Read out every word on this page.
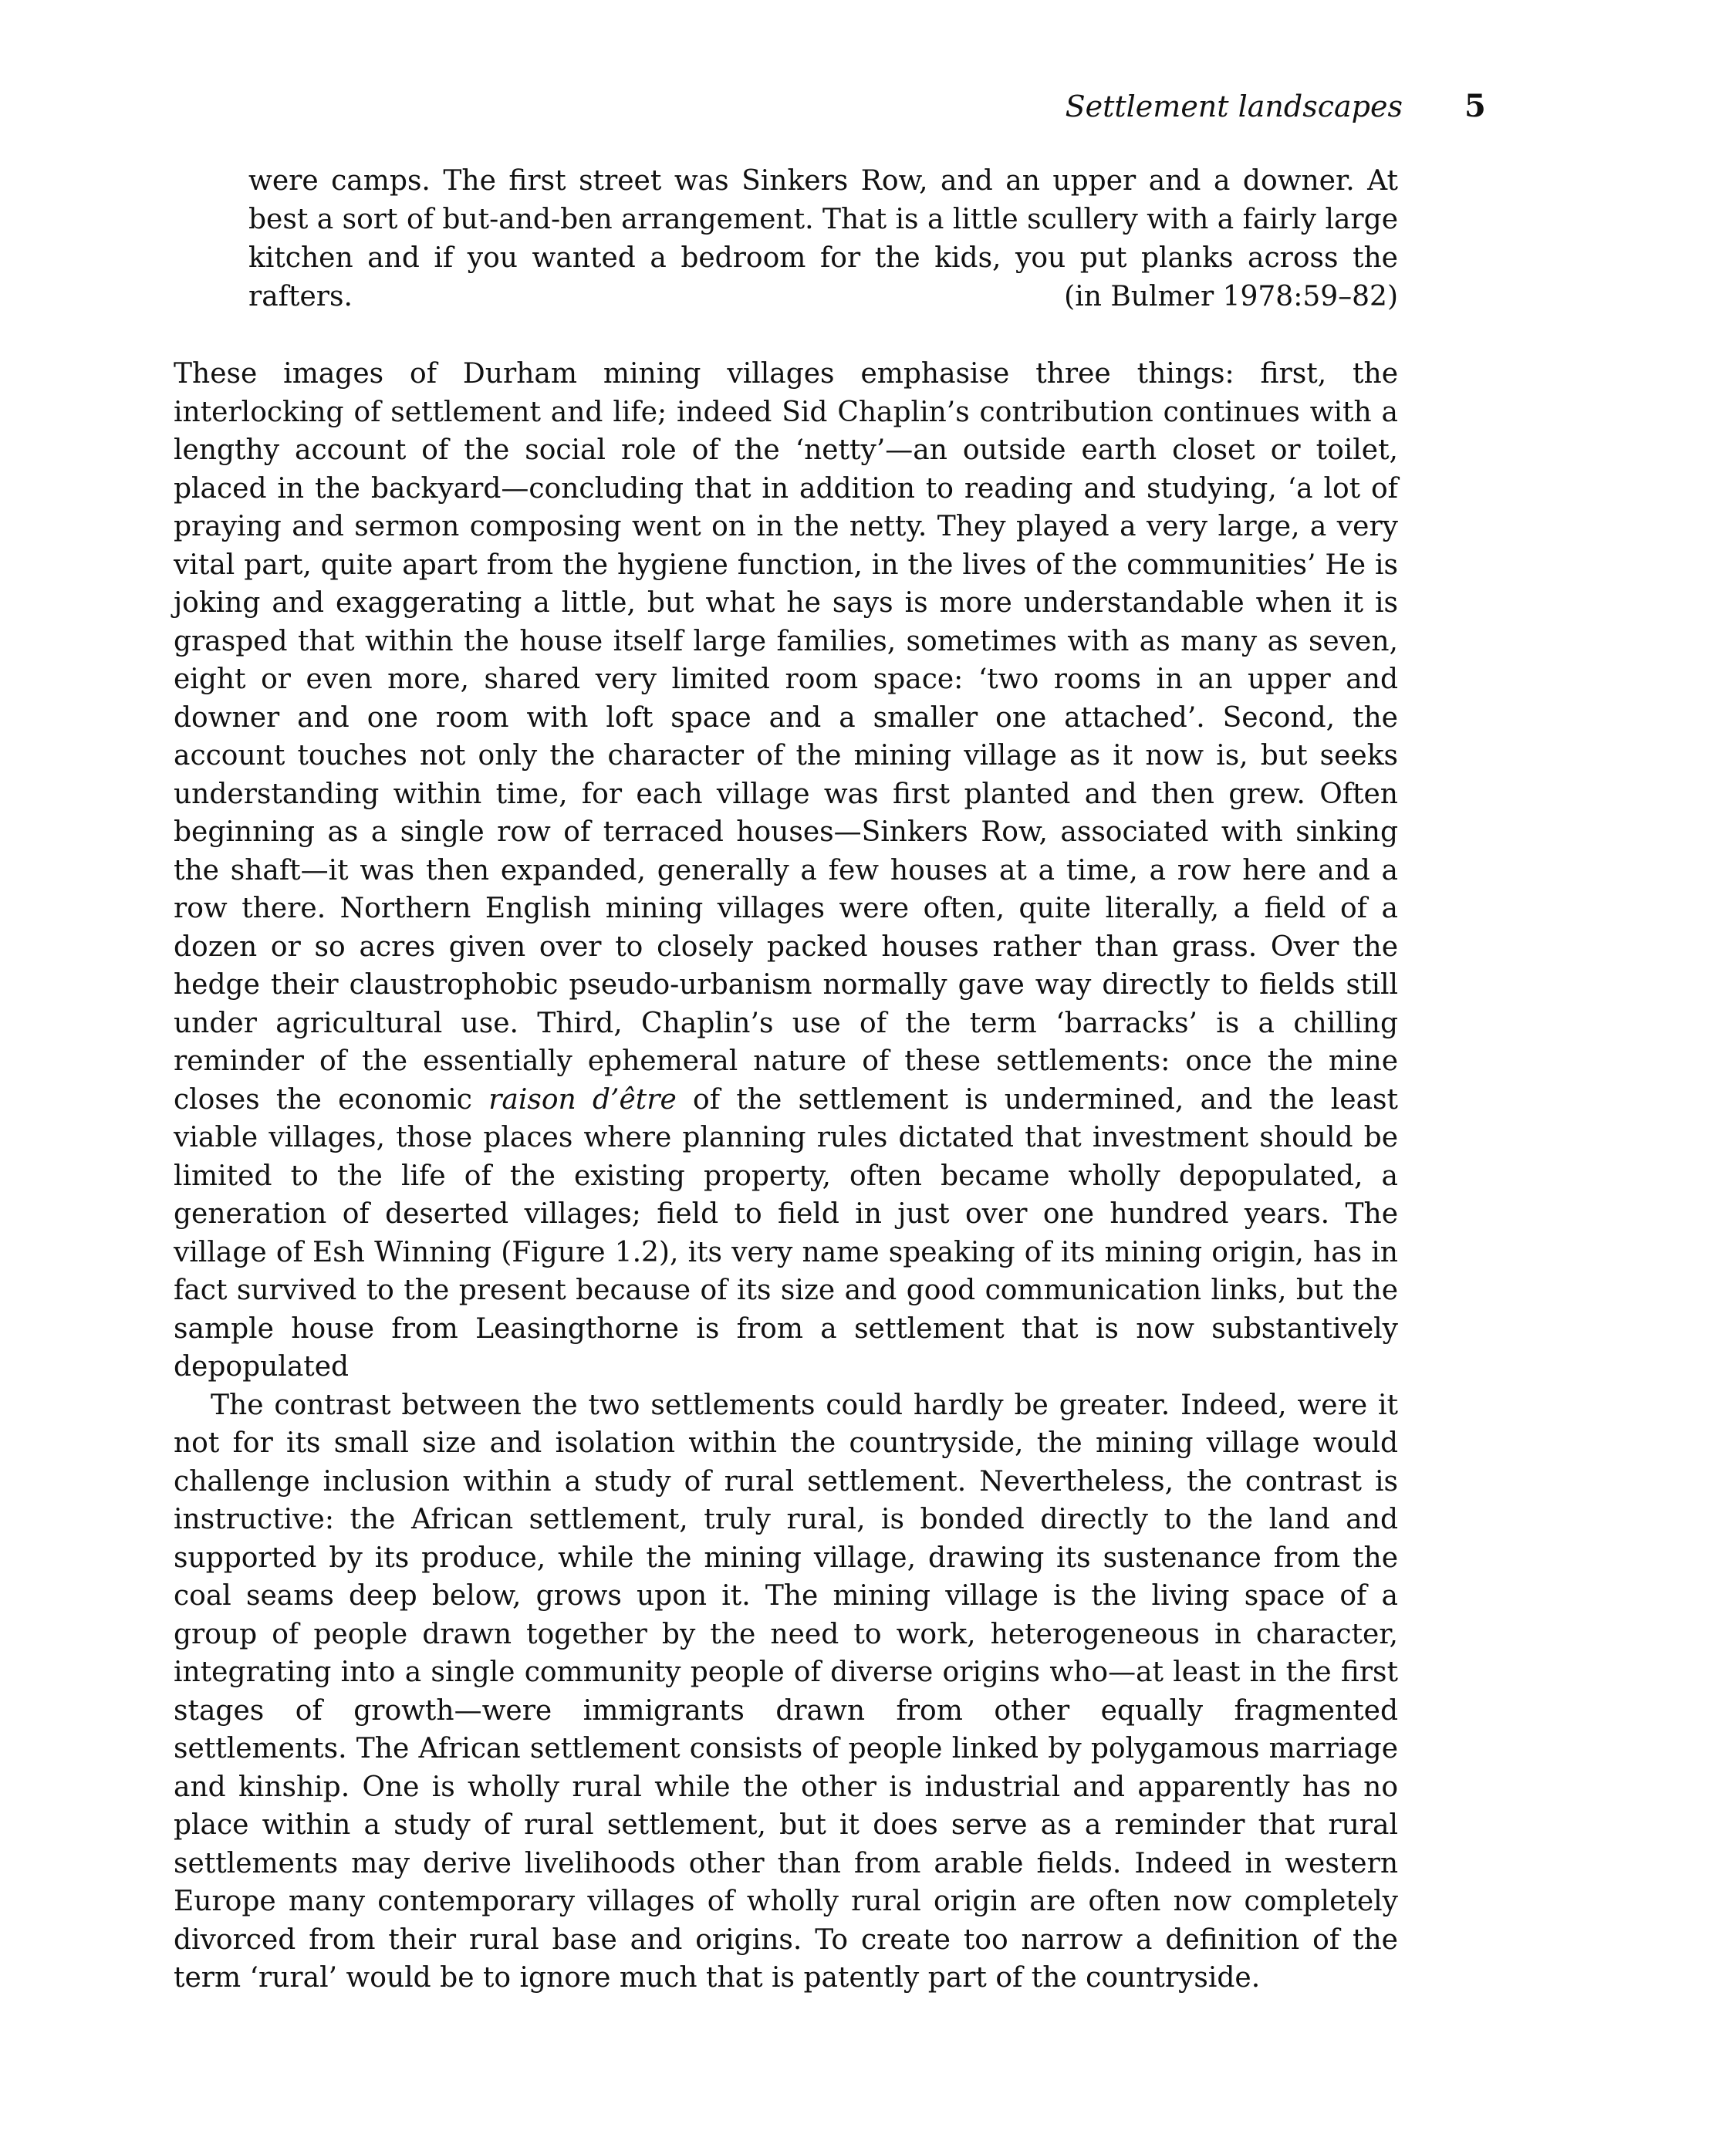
Settlement landscapes 5

were camps. The first street was Sinkers Row, and an upper and a downer. At best a sort of but-and-ben arrangement. That is a little scullery with a fairly large kitchen and if you wanted a bedroom for the kids, you put planks across the rafters.	(in Bulmer 1978:59–82)

These images of Durham mining villages emphasise three things: first, the interlocking of settlement and life; indeed Sid Chaplin’s contribution continues with a lengthy account of the social role of the ‘netty’—an outside earth closet or toilet, placed in the backyard—concluding that in addition to reading and studying, ‘a lot of praying and sermon composing went on in the netty. They played a very large, a very vital part, quite apart from the hygiene function, in the lives of the communities’ He is joking and exaggerating a little, but what he says is more understandable when it is grasped that within the house itself large families, sometimes with as many as seven, eight or even more, shared very limited room space: ‘two rooms in an upper and downer and one room with loft space and a smaller one attached’. Second, the account touches not only the character of the mining village as it now is, but seeks understanding within time, for each village was first planted and then grew. Often beginning as a single row of terraced houses—Sinkers Row, associated with sinking the shaft—it was then expanded, generally a few houses at a time, a row here and a row there. Northern English mining villages were often, quite literally, a field of a dozen or so acres given over to closely packed houses rather than grass. Over the hedge their claustrophobic pseudo-urbanism normally gave way directly to fields still under agricultural use. Third, Chaplin’s use of the term ‘barracks’ is a chilling reminder of the essentially ephemeral nature of these settlements: once the mine closes the economic raison d’être of the settlement is undermined, and the least viable villages, those places where planning rules dictated that investment should be limited to the life of the existing property, often became wholly depopulated, a generation of deserted villages; field to field in just over one hundred years. The village of Esh Winning (Figure 1.2), its very name speaking of its mining origin, has in fact survived to the present because of its size and good communication links, but the sample house from Leasingthorne is from a settlement that is now substantively depopulated

The contrast between the two settlements could hardly be greater. Indeed, were it not for its small size and isolation within the countryside, the mining village would challenge inclusion within a study of rural settlement. Nevertheless, the contrast is instructive: the African settlement, truly rural, is bonded directly to the land and supported by its produce, while the mining village, drawing its sustenance from the coal seams deep below, grows upon it. The mining village is the living space of a group of people drawn together by the need to work, heterogeneous in character, integrating into a single community people of diverse origins who—at least in the first stages of growth—were immigrants drawn from other equally fragmented settlements. The African settlement consists of people linked by polygamous marriage and kinship. One is wholly rural while the other is industrial and apparently has no place within a study of rural settlement, but it does serve as a reminder that rural settlements may derive livelihoods other than from arable fields. Indeed in western Europe many contemporary villages of wholly rural origin are often now completely divorced from their rural base and origins. To create too narrow a definition of the term ‘rural’ would be to ignore much that is patently part of the countryside.
